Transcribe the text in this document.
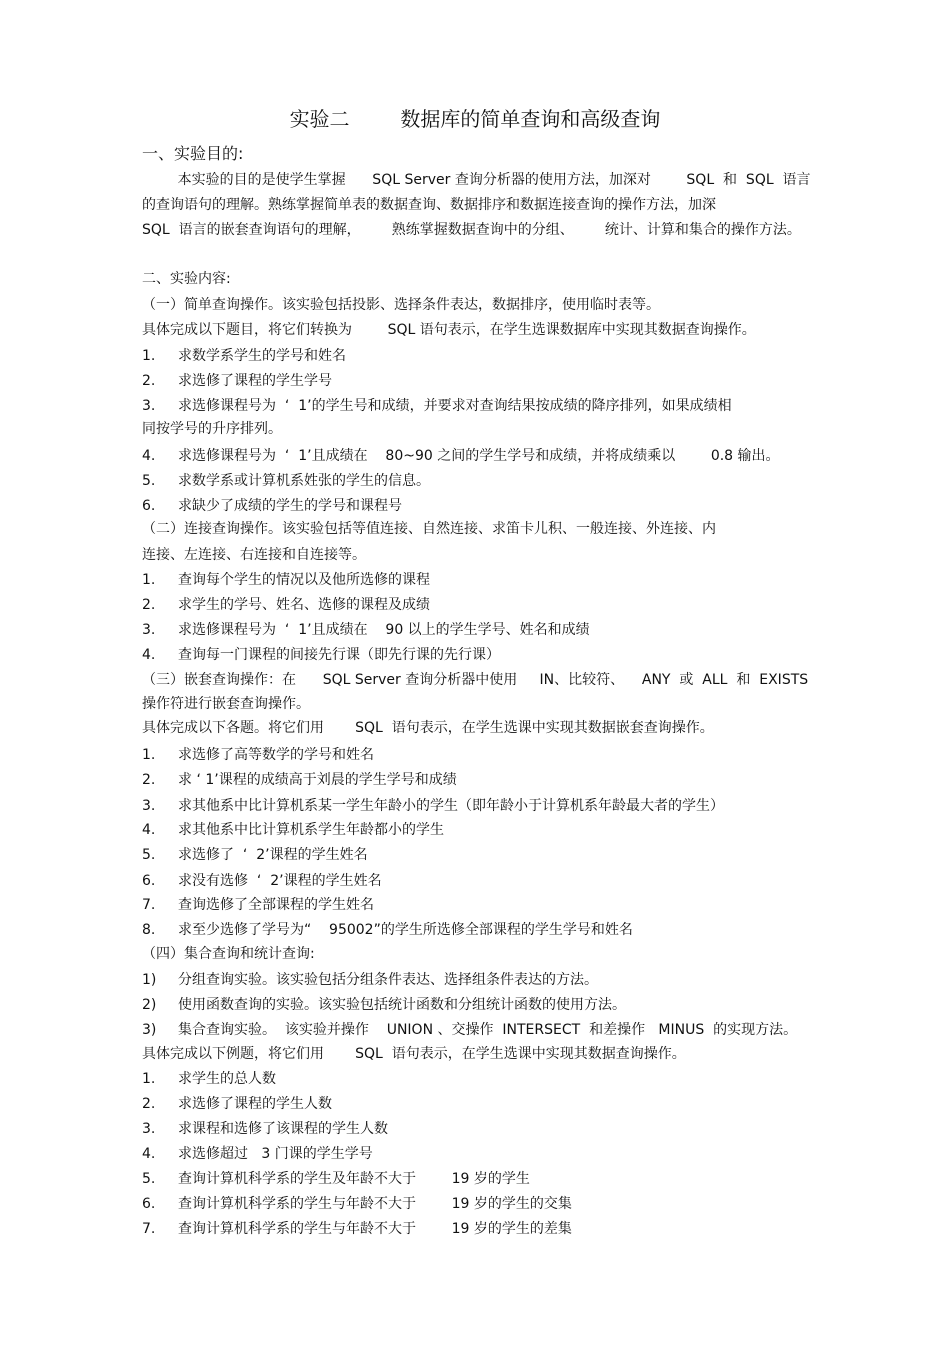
实验二        数据库的简单查询和高级查询
一、实验目的:
本实验的目的是使学生掌握      SQL Server 查询分析器的使用方法，加深对        SQL  和  SQL  语言
的查询语句的理解。熟练掌握简单表的数据查询、数据排序和数据连接查询的操作方法，加深
SQL  语言的嵌套查询语句的理解，       熟练掌握数据查询中的分组、       统计、计算和集合的操作方法。
二、实验内容:
（一）简单查询操作。该实验包括投影、选择条件表达，数据排序，使用临时表等。
具体完成以下题目，将它们转换为        SQL 语句表示，在学生选课数据库中实现其数据查询操作。
1. 求数学系学生的学号和姓名
2. 求选修了课程的学生学号
3. 求选修课程号为  ‘  1’的学生号和成绩，并要求对查询结果按成绩的降序排列，如果成绩相
同按学号的升序排列。
4. 求选修课程号为  ‘  1’且成绩在    80~90 之间的学生学号和成绩，并将成绩乘以        0.8 输出。
5. 求数学系或计算机系姓张的学生的信息。
6. 求缺少了成绩的学生的学号和课程号
（二）连接查询操作。该实验包括等值连接、自然连接、求笛卡儿积、一般连接、外连接、内
连接、左连接、右连接和自连接等。
1. 查询每个学生的情况以及他所选修的课程
2. 求学生的学号、姓名、选修的课程及成绩
3. 求选修课程号为  ‘  1’且成绩在    90 以上的学生学号、姓名和成绩
4. 查询每一门课程的间接先行课（即先行课的先行课）
（三）嵌套查询操作：在      SQL Server 查询分析器中使用     IN、比较符、    ANY  或  ALL  和  EXISTS
操作符进行嵌套查询操作。
具体完成以下各题。将它们用       SQL  语句表示，在学生选课中实现其数据嵌套查询操作。
1. 求选修了高等数学的学号和姓名
2. 求 ‘ 1’课程的成绩高于刘晨的学生学号和成绩
3. 求其他系中比计算机系某一学生年龄小的学生（即年龄小于计算机系年龄最大者的学生）
4. 求其他系中比计算机系学生年龄都小的学生
5. 求选修了  ‘  2’课程的学生姓名
6. 求没有选修  ‘  2’课程的学生姓名
7. 查询选修了全部课程的学生姓名
8. 求至少选修了学号为“    95002”的学生所选修全部课程的学生学号和姓名
（四）集合查询和统计查询:
1) 分组查询实验。该实验包括分组条件表达、选择组条件表达的方法。
2) 使用函数查询的实验。该实验包括统计函数和分组统计函数的使用方法。
3) 集合查询实验。  该实验并操作    UNION 、交操作  INTERSECT  和差操作   MINUS  的实现方法。
具体完成以下例题，将它们用       SQL  语句表示，在学生选课中实现其数据查询操作。
1. 求学生的总人数
2. 求选修了课程的学生人数
3. 求课程和选修了该课程的学生人数
4. 求选修超过   3 门课的学生学号
5. 查询计算机科学系的学生及年龄不大于        19 岁的学生
6. 查询计算机科学系的学生与年龄不大于        19 岁的学生的交集
7. 查询计算机科学系的学生与年龄不大于        19 岁的学生的差集
